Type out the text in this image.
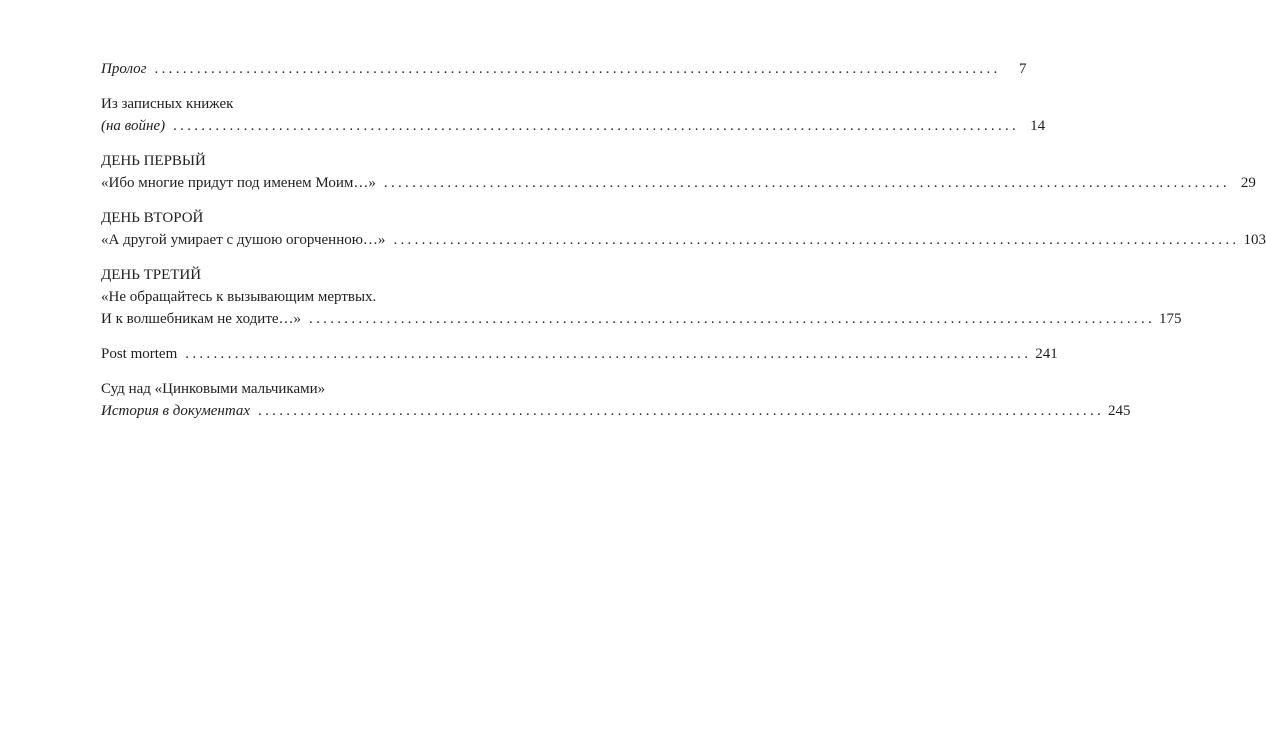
Пролог ........................................................................................................................	7
Из записных книжек
(на войне) ........................................................................................................................ 14
ДЕНЬ ПЕРВЫЙ
«Ибо многие придут под именем Моим…» ........................................................................................................................ 29
ДЕНЬ ВТОРОЙ
«А другой умирает с душою огорченною…» ........................................................................................................................ 103
ДЕНЬ ТРЕТИЙ
«Не обращайтесь к вызывающим мертвых.
И к волшебникам не ходите…» ........................................................................................................................ 175
Post mortem ........................................................................................................................ 241
Суд над «Цинковыми мальчиками»
История в документах ........................................................................................................................ 245
